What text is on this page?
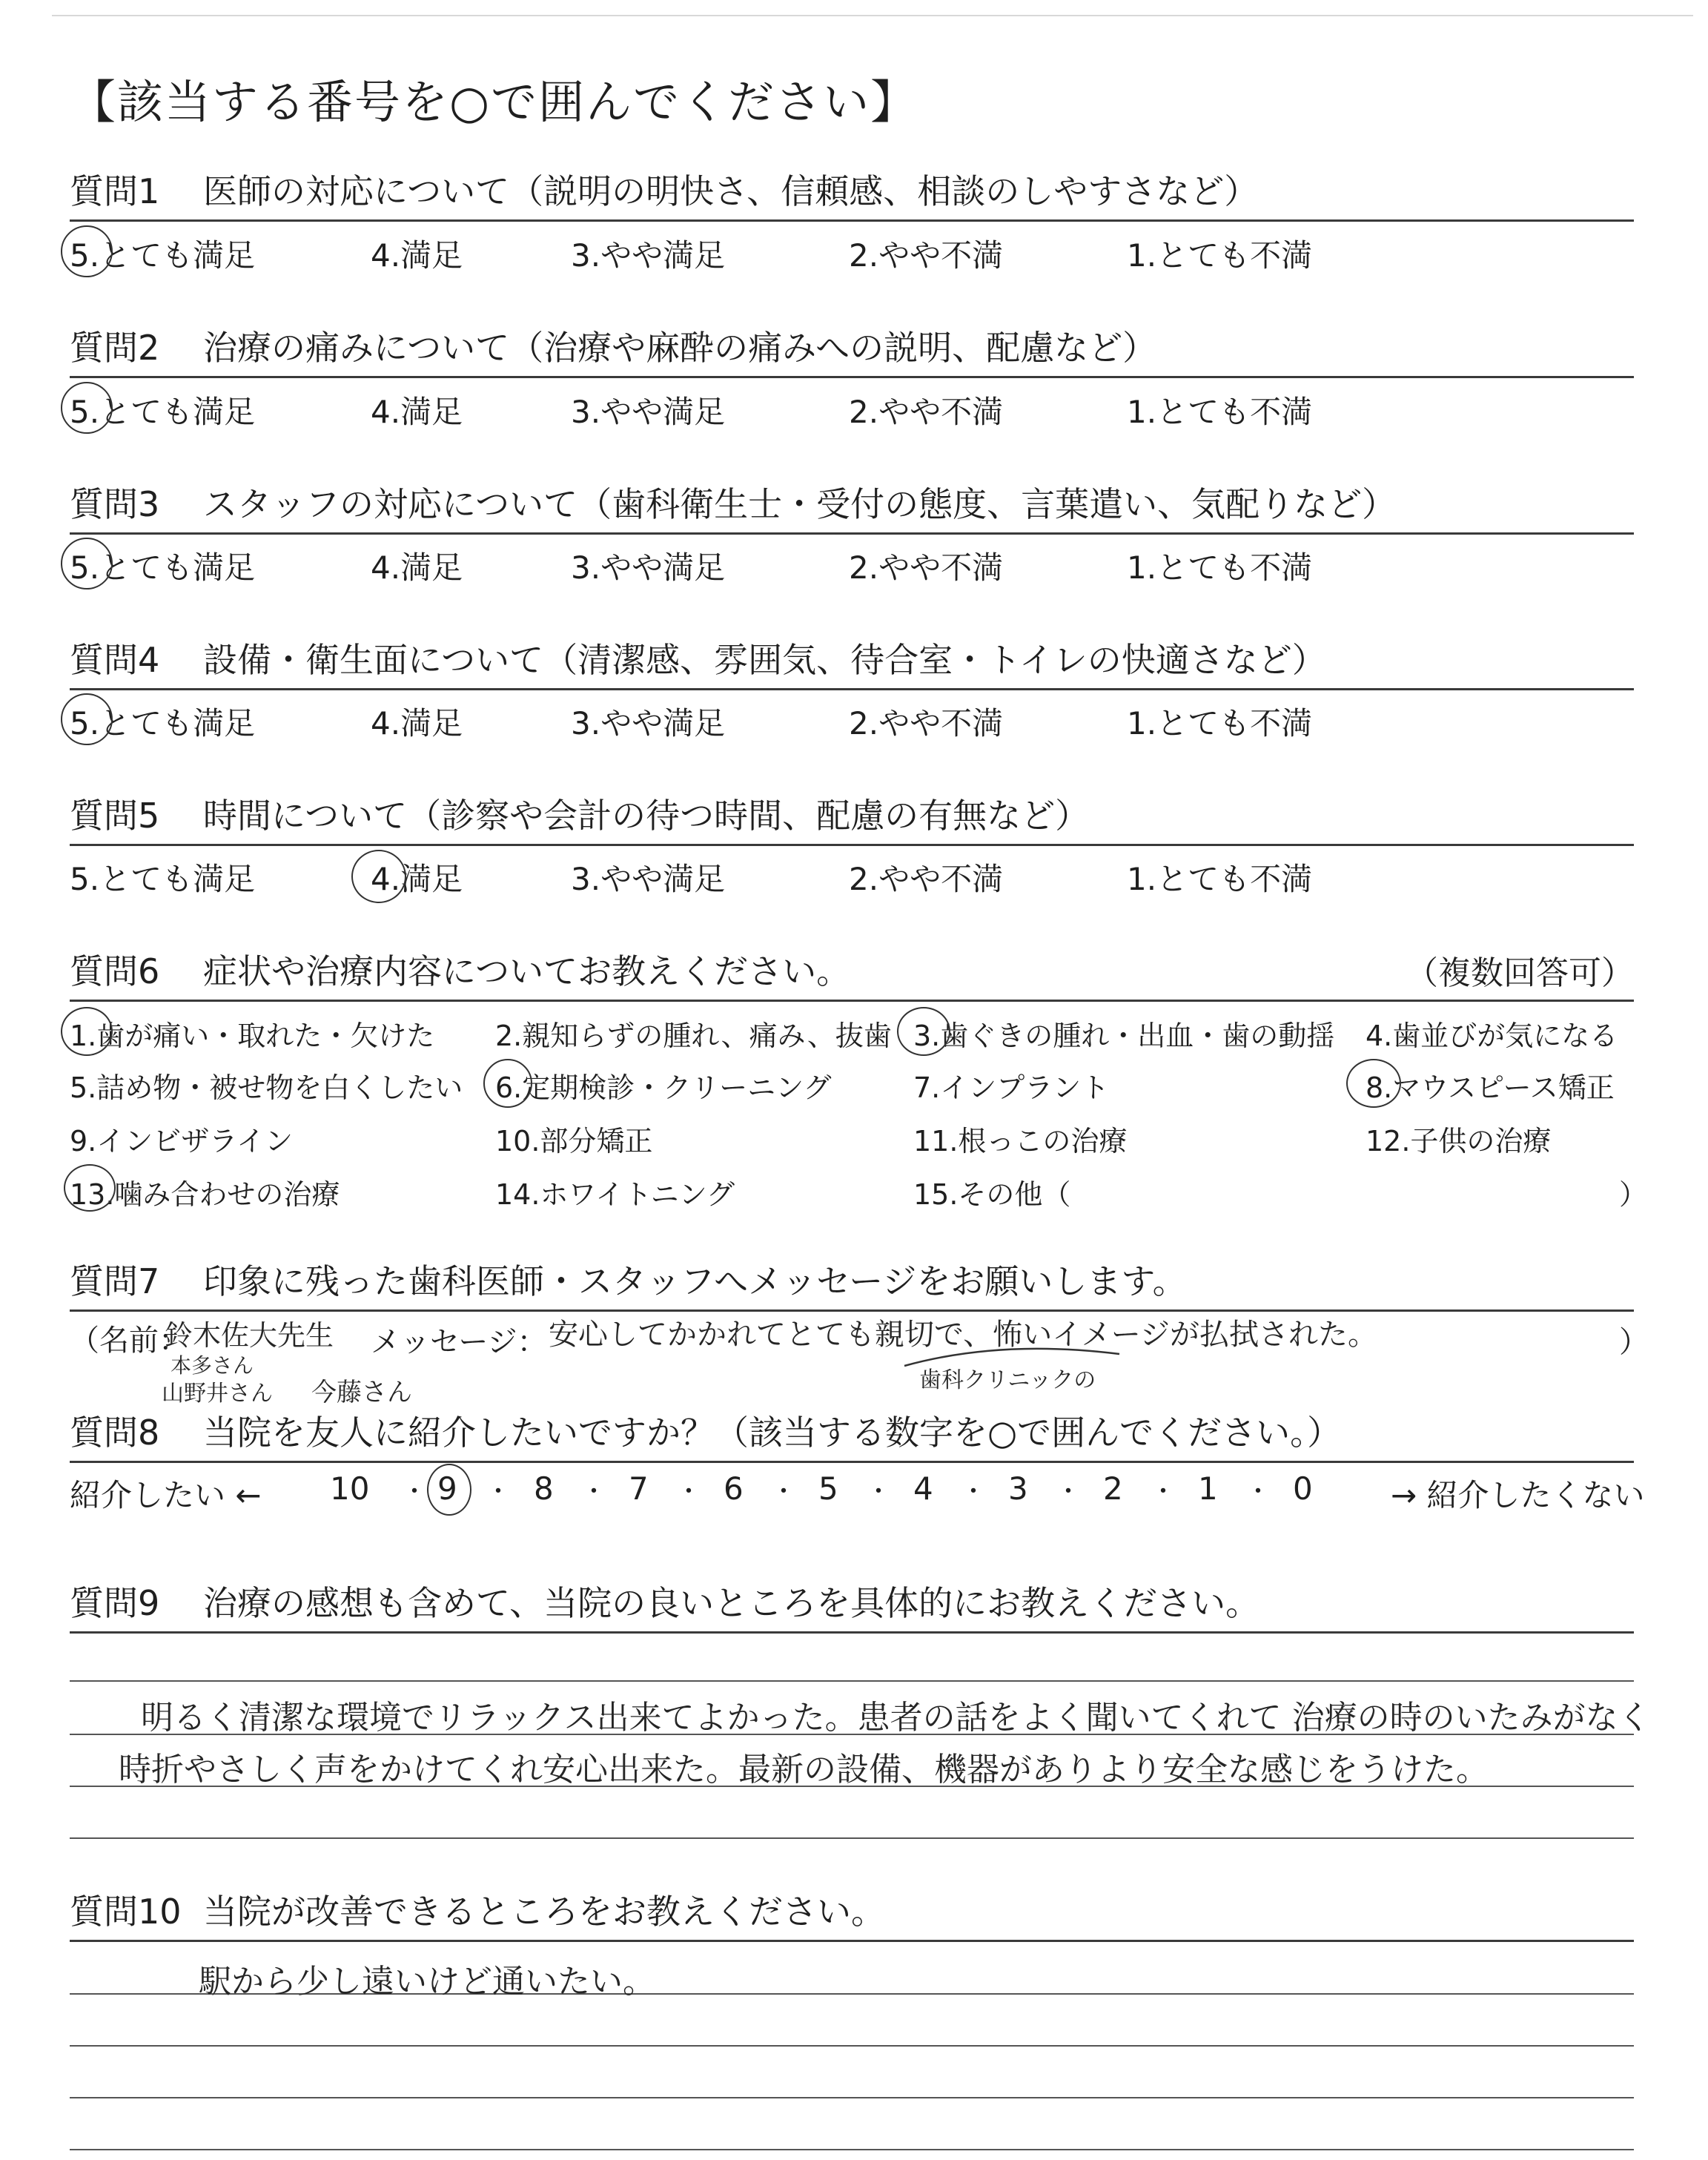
【該当する番号を○で囲んでください】
質問1 医師の対応について（説明の明快さ、信頼感、相談のしやすさなど）
5.とても満足	4.満足	3.やや満足	2.やや不満	1.とても不満
質問2 治療の痛みについて（治療や麻酔の痛みへの説明、配慮など）
5.とても満足	4.満足	3.やや満足	2.やや不満	1.とても不満
質問3 スタッフの対応について（歯科衛生士・受付の態度、言葉遣い、気配りなど）
5.とても満足	4.満足	3.やや満足	2.やや不満	1.とても不満
質問4 設備・衛生面について（清潔感、雰囲気、待合室・トイレの快適さなど）
5.とても満足	4.満足	3.やや満足	2.やや不満	1.とても不満
質問5 時間について（診察や会計の待つ時間、配慮の有無など）
5.とても満足	4.満足	3.やや満足	2.やや不満	1.とても不満
質問6 症状や治療内容についてお教えください。	（複数回答可）
1.歯が痛い・取れた・欠けた 2.親知らずの腫れ、痛み、抜歯 3.歯ぐきの腫れ・出血・歯の動揺 4.歯並びが気になる
5.詰め物・被せ物を白くしたい 6.定期検診・クリーニング	7.インプラント	8.マウスピース矯正
9.インビザライン	10.部分矯正	11.根っこの治療	12.子供の治療
13.噛み合わせの治療	14.ホワイトニング	15.その他（	）
質問7 印象に残った歯科医師・スタッフへメッセージをお願いします。
（名前：
鈴木佐大先生
本多さん
山野井さん 今藤さん
メッセージ： 安心してかかれてとても親切で、怖いイメージが払拭された。
歯科クリニックの
）
質問8 当院を友人に紹介したいですか？（該当する数字を○で囲んでください。）
紹介したい ← 10 9 8 7 6 5 4 3 2 1 0	→ 紹介したくない
・ ・	・	・	・	・	・	・	・	・
質問9 治療の感想も含めて、当院の良いところを具体的にお教えください。
明るく清潔な環境でリラックス出来てよかった。患者の話をよく聞いてくれて 治療の時のいたみがなく
時折やさしく声をかけてくれ安心出来た。最新の設備、機器がありより安全な感じをうけた。
質問10 当院が改善できるところをお教えください。
駅から少し遠いけど通いたい。
